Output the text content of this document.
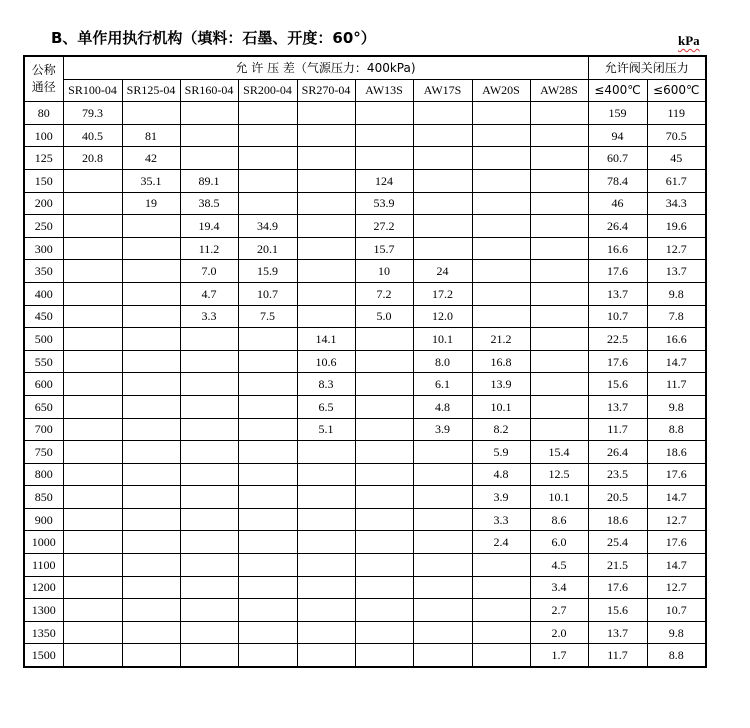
B、单作用执行机构（填料：石墨、开度：60°）	kPa
公称
通径	允 许 压 差（气源压力：400kPa)									允许阀关闭压力	
	SR100-04	SR125-04	SR160-04	SR200-04	SR270-04	AW13S	AW17S	AW20S	AW28S	≤400℃	≤600℃
80	79.3									159	119
100	40.5	81								94	70.5
125	20.8	42								60.7	45
150		35.1	89.1			124				78.4	61.7
200		19	38.5			53.9				46	34.3
250			19.4	34.9		27.2				26.4	19.6
300			11.2	20.1		15.7				16.6	12.7
350			7.0	15.9		10	24			17.6	13.7
400			4.7	10.7		7.2	17.2			13.7	9.8
450			3.3	7.5		5.0	12.0			10.7	7.8
500					14.1		10.1	21.2		22.5	16.6
550					10.6		8.0	16.8		17.6	14.7
600					8.3		6.1	13.9		15.6	11.7
650					6.5		4.8	10.1		13.7	9.8
700					5.1		3.9	8.2		11.7	8.8
750								5.9	15.4	26.4	18.6
800								4.8	12.5	23.5	17.6
850								3.9	10.1	20.5	14.7
900								3.3	8.6	18.6	12.7
1000								2.4	6.0	25.4	17.6
1100									4.5	21.5	14.7
1200									3.4	17.6	12.7
1300									2.7	15.6	10.7
1350									2.0	13.7	9.8
1500									1.7	11.7	8.8
